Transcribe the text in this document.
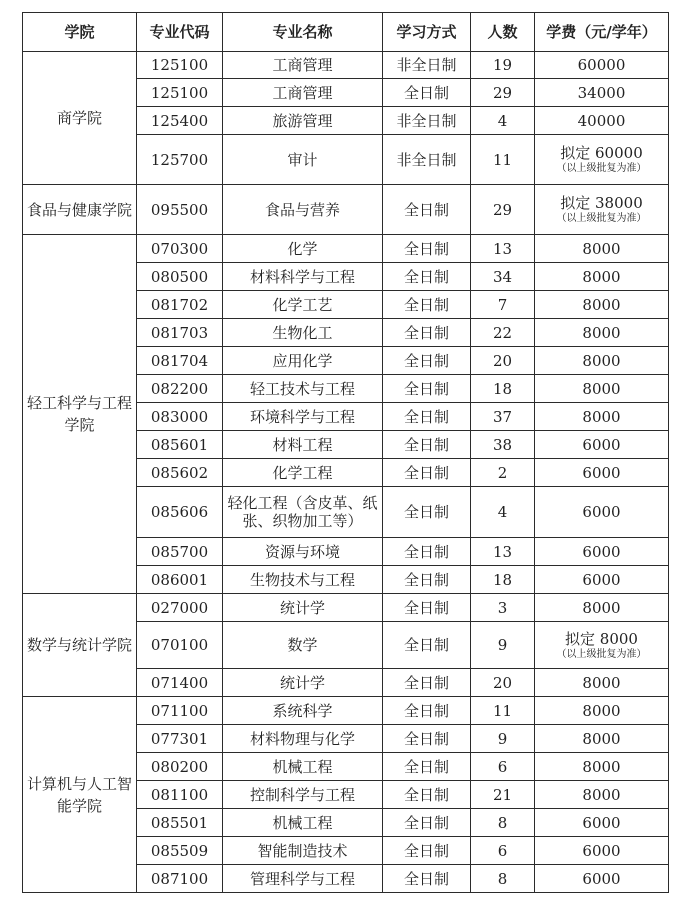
学院	专业代码	专业名称	学习方式	人数	学费（元/学年）
商学院	125100	工商管理	非全日制	19	60000

	125100	工商管理	全日制	29	34000

	125400	旅游管理	非全日制	4	40000

	125700	审计	非全日制	11	拟定 60000
（以上级批复为准）

食品与健康学院	095500	食品与营养	全日制	29	拟定 38000
（以上级批复为准）

轻工科学与工程学院	070300	化学	全日制	13	8000

	080500	材料科学与工程	全日制	34	8000

	081702	化学工艺	全日制	7	8000

	081703	生物化工	全日制	22	8000

	081704	应用化学	全日制	20	8000

	082200	轻工技术与工程	全日制	18	8000

	083000	环境科学与工程	全日制	37	8000

	085601	材料工程	全日制	38	6000

	085602	化学工程	全日制	2	6000

	085606	轻化工程（含皮革、纸张、织物加工等）	全日制	4	6000

	085700	资源与环境	全日制	13	6000

	086001	生物技术与工程	全日制	18	6000

数学与统计学院	027000	统计学	全日制	3	8000

	070100	数学	全日制	9	拟定 8000
（以上级批复为准）

	071400	统计学	全日制	20	8000

计算机与人工智能学院	071100	系统科学	全日制	11	8000

	077301	材料物理与化学	全日制	9	8000

	080200	机械工程	全日制	6	8000

	081100	控制科学与工程	全日制	21	8000

	085501	机械工程	全日制	8	6000

	085509	智能制造技术	全日制	6	6000

	087100	管理科学与工程	全日制	8	6000
